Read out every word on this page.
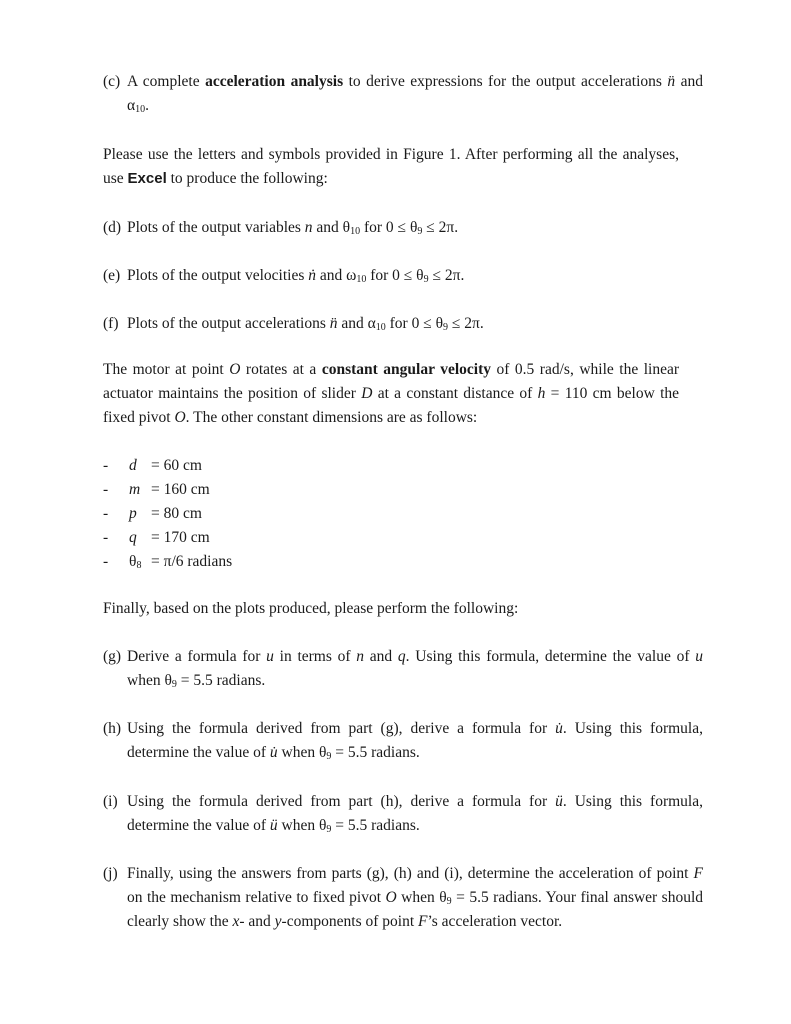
(c) A complete acceleration analysis to derive expressions for the output accelerations n̈ and $\alpha_{10}$.
Please use the letters and symbols provided in Figure 1. After performing all the analyses, use Excel to produce the following:
(d) Plots of the output variables n and $\theta_{10}$ for $0 \le \theta_9 \le 2\pi$.
(e) Plots of the output velocities ṅ and $\omega_{10}$ for $0 \le \theta_9 \le 2\pi$.
(f) Plots of the output accelerations n̈ and $\alpha_{10}$ for $0 \le \theta_9 \le 2\pi$.
The motor at point O rotates at a constant angular velocity of 0.5 rad/s, while the linear actuator maintains the position of slider D at a constant distance of h = 110 cm below the fixed pivot O. The other constant dimensions are as follows:
- d = 60 cm
- m = 160 cm
- p = 80 cm
- q = 170 cm
- $\theta_8 = \pi/6$ radians
Finally, based on the plots produced, please perform the following:
(g) Derive a formula for u in terms of n and q. Using this formula, determine the value of u when $\theta_9 = 5.5$ radians.
(h) Using the formula derived from part (g), derive a formula for u̇. Using this formula, determine the value of u̇ when $\theta_9 = 5.5$ radians.
(i) Using the formula derived from part (h), derive a formula for ü. Using this formula, determine the value of ü when $\theta_9 = 5.5$ radians.
(j) Finally, using the answers from parts (g), (h) and (i), determine the acceleration of point F on the mechanism relative to fixed pivot O when $\theta_9 = 5.5$ radians. Your final answer should clearly show the x- and y-components of point F’s acceleration vector.
